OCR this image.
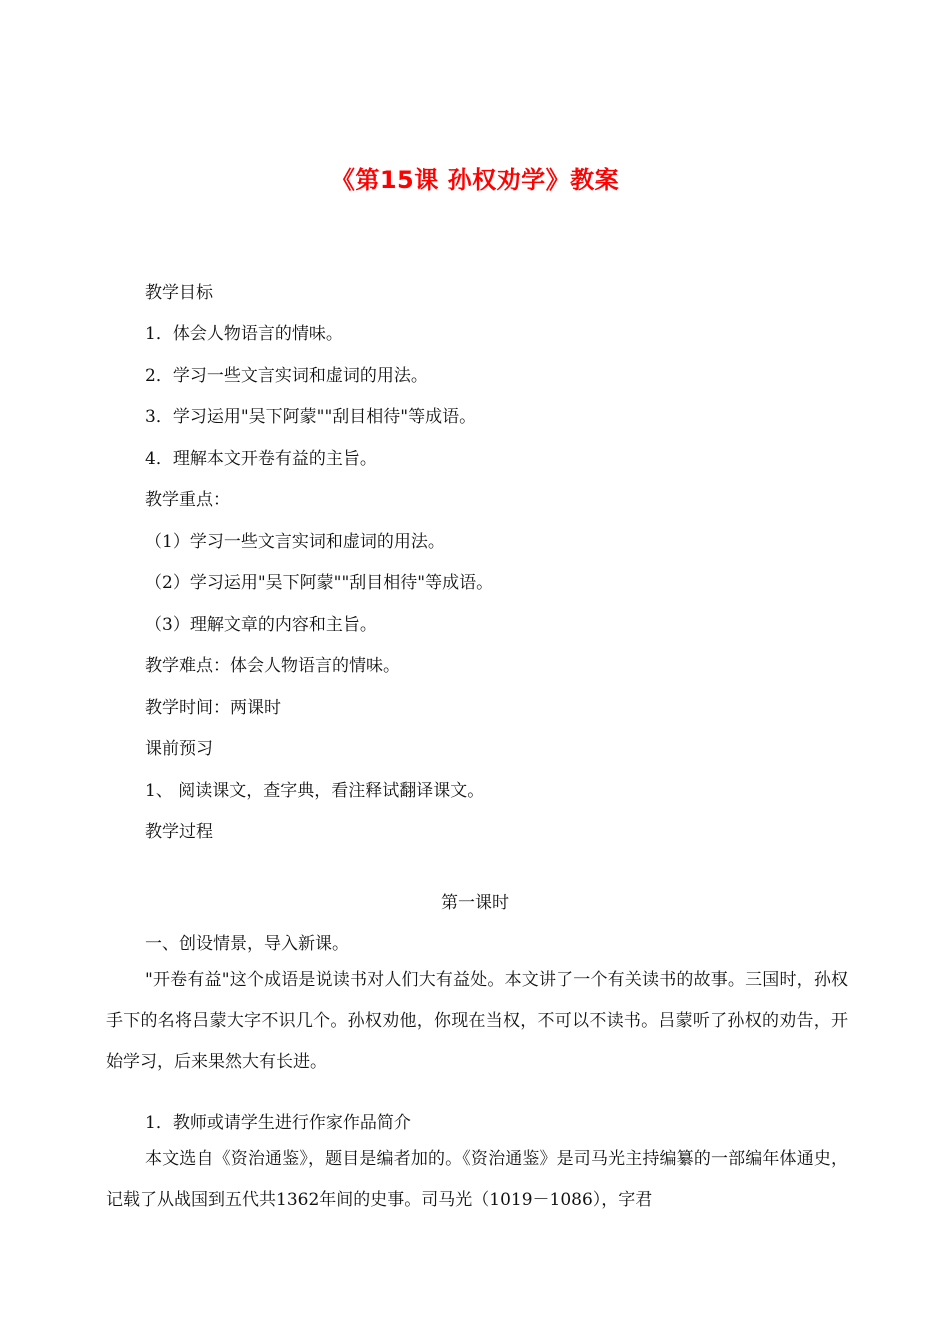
《第15课 孙权劝学》教案
教学目标
1．体会人物语言的情味。
2．学习一些文言实词和虚词的用法。
3．学习运用"吴下阿蒙""刮目相待"等成语。
4．理解本文开卷有益的主旨。
教学重点：
（1）学习一些文言实词和虚词的用法。
（2）学习运用"吴下阿蒙""刮目相待"等成语。
（3）理解文章的内容和主旨。
教学难点：体会人物语言的情味。
教学时间：两课时
课前预习
1、 阅读课文，查字典，看注释试翻译课文。
教学过程
第一课时
一、创设情景，导入新课。
"开卷有益"这个成语是说读书对人们大有益处。本文讲了一个有关读书的故事。三国时，孙权手下的名将吕蒙大字不识几个。孙权劝他，你现在当权，不可以不读书。吕蒙听了孙权的劝告，开始学习，后来果然大有长进。
1．教师或请学生进行作家作品简介
本文选自《资治通鉴》，题目是编者加的。《资治通鉴》是司马光主持编纂的一部编年体通史，记载了从战国到五代共1362年间的史事。司马光（1019－1086），字君
